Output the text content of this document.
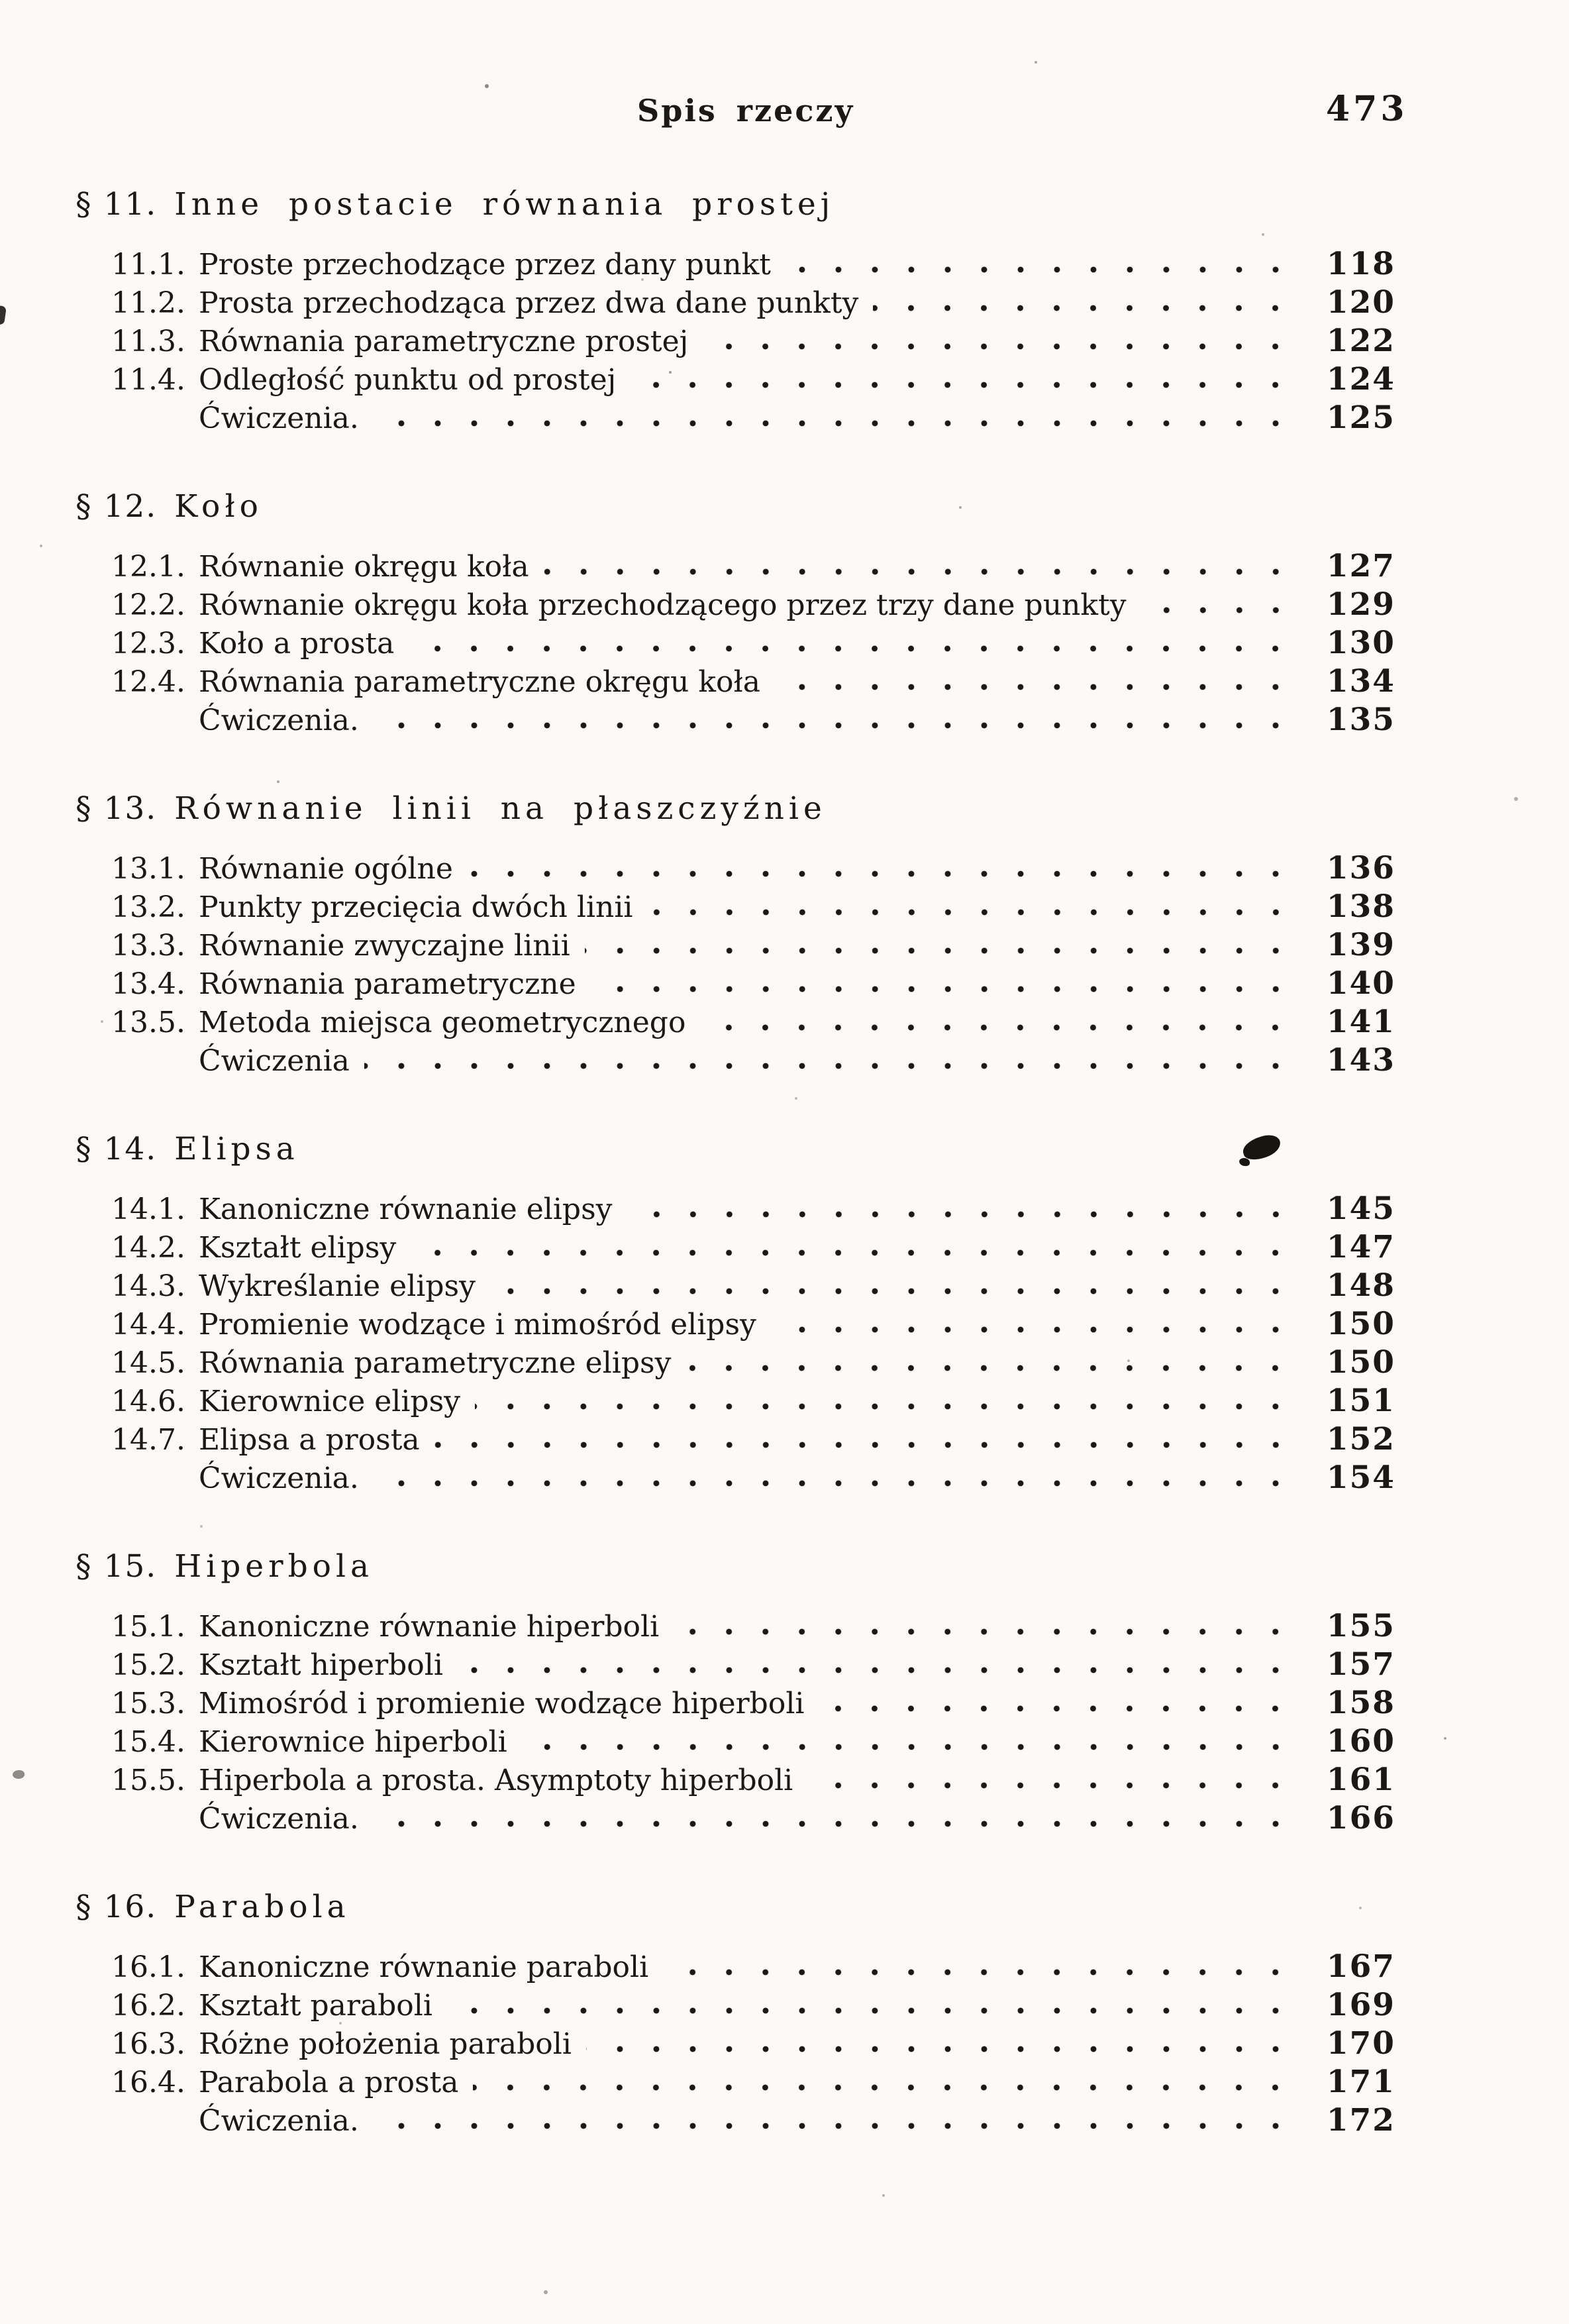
Spis rzeczy	473
§ 11. Inne postacie równania prostej
11.1. Proste przechodzące przez dany punkt	118
11.2. Prosta przechodząca przez dwa dane punkty	120
11.3. Równania parametryczne prostej	122
11.4. Odległość punktu od prostej	124
Ćwiczenia.	125
§ 12. Koło
12.1. Równanie okręgu koła	127
12.2. Równanie okręgu koła przechodzącego przez trzy dane punkty	129
12.3. Koło a prosta	130
12.4. Równania parametryczne okręgu koła	134
Ćwiczenia.	135
§ 13. Równanie linii na płaszczyźnie
13.1. Równanie ogólne	136
13.2. Punkty przecięcia dwóch linii	138
13.3. Równanie zwyczajne linii	139
13.4. Równania parametryczne	140
13.5. Metoda miejsca geometrycznego	141
Ćwiczenia	143
§ 14. Elipsa
14.1. Kanoniczne równanie elipsy	145
14.2. Kształt elipsy	147
14.3. Wykreślanie elipsy	148
14.4. Promienie wodzące i mimośród elipsy	150
14.5. Równania parametryczne elipsy	150
14.6. Kierownice elipsy	151
14.7. Elipsa a prosta	152
Ćwiczenia.	154
§ 15. Hiperbola
15.1. Kanoniczne równanie hiperboli	155
15.2. Kształt hiperboli	157
15.3. Mimośród i promienie wodzące hiperboli	158
15.4. Kierownice hiperboli	160
15.5. Hiperbola a prosta. Asymptoty hiperboli	161
Ćwiczenia.	166
§ 16. Parabola
16.1. Kanoniczne równanie paraboli	167
16.2. Kształt paraboli	169
16.3. Różne położenia paraboli	170
16.4. Parabola a prosta	171
Ćwiczenia.	172
